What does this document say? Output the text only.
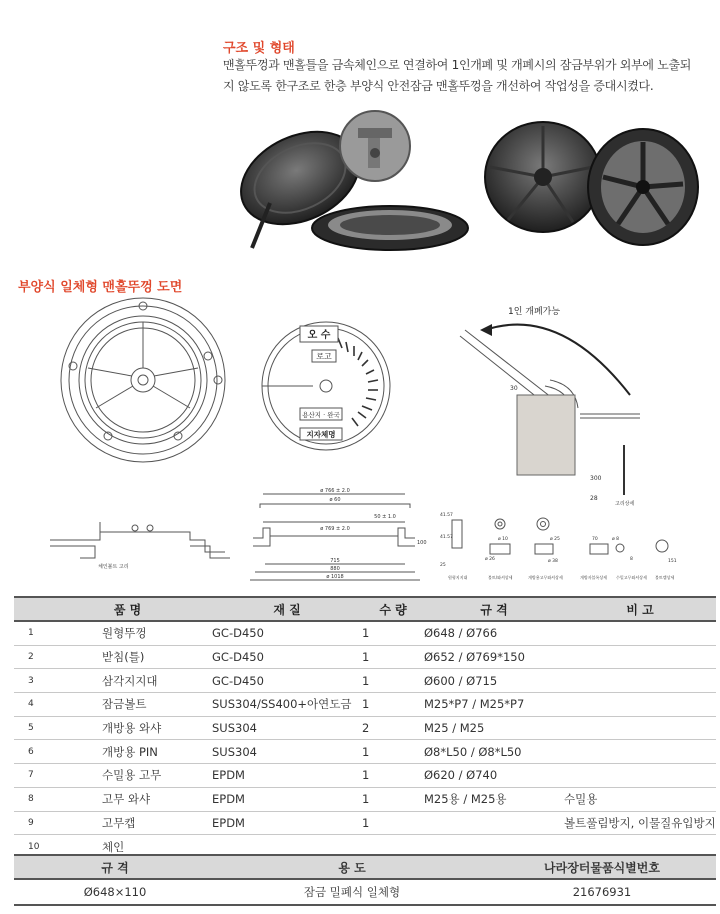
구조 및 형태
맨홀뚜껑과 맨홀틀을 금속체인으로 연결하여 1인개폐 및 개폐시의 잠금부위가 외부에 노출되
지 않도록 한구조로 한층 부양식 안전잠금 맨홀뚜껑을 개선하여 작업성을 증대시켰다.
부양식 일체형 맨홀뚜껑 도면
오 수
로고
용산지 · 완국
지자체명
1인 개폐가능
300
28
30
고리상세
체인볼트 고리
ø 766 ± 2.0
ø 60
50 ± 1.0
ø 769 ± 2.0
715
880
ø 1018
100
41.57
41.57
25
ø 10
ø 26
ø 25
ø 38
70	ø 8
8	151
원형지지대	볼트/와셔상세	개방용고무와셔상세	개방자블록상세 수밀고무와셔상세 볼트캡상세
품 명		재 질	수 량	규 격	비 고
1	원형뚜껑	GC-D450	1	Ø648 / Ø766	
2	받침(틀)	GC-D450	1	Ø652 / Ø769*150	
3	삼각지지대	GC-D450	1	Ø600 / Ø715	
4	잠금볼트	SUS304/SS400+아연도금	1	M25*P7 / M25*P7	
5	개방용 와샤	SUS304	2	M25 / M25	
6	개방용 PIN	SUS304	1	Ø8*L50 / Ø8*L50	
7	수밀용 고무	EPDM	1	Ø620 / Ø740	
8	고무 와샤	EPDM	1	M25용 / M25용	수밀용
9	고무캡	EPDM	1		볼트풀림방지, 이물질유입방지
10	체인				
규 격	용 도	나라장터물품식별번호
Ø648×110	잠금 밀폐식 일체형	21676931
